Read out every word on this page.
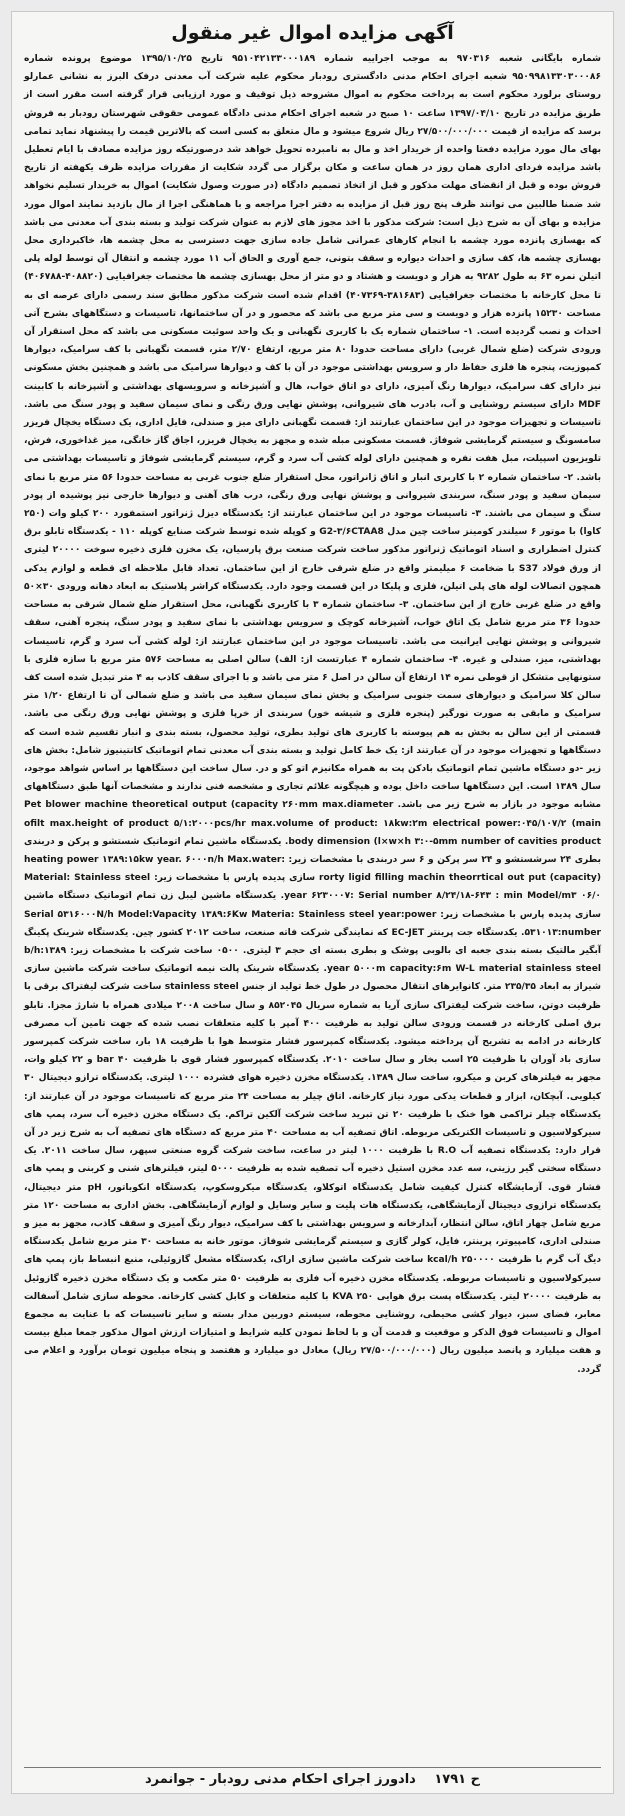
آگهی مزایده اموال غیر منقول
شماره بایگانی شعبه ۹۷۰۳۱۶ به موجب اجراییه شماره ۹۵۱۰۴۲۱۳۳۰۰۰۱۸۹ تاریخ ۱۳۹۵/۱۰/۲۵ موضوع پرونده شماره ۹۵۰۹۹۸۱۳۳۰۳۰۰۰۸۶ شعبه اجرای احکام مدنی دادگستری رودبار محکوم علیه شرکت آب معدنی درفک البرز به نشانی عمارلو روستای برلورد محکوم است به پرداخت محکوم به اموال مشروحه ذیل توقیف و مورد ارزیابی قرار گرفته است مقرر است از طریق مزایده در تاریخ ۱۳۹۷/۰۴/۱۰ ساعت ۱۰ صبح در شعبه اجرای احکام مدنی دادگاه عمومی حقوقی شهرستان رودبار به فروش برسد که مزایده از قیمت ۲۷/۵۰۰/۰۰۰/۰۰۰ ریال شروع میشود و مال متعلق به کسی است که بالاترین قیمت را پیشنهاد نماید تمامی بهای مال مورد مزایده دفعتا واحده از خریدار اخذ و مال به نامبرده تحویل خواهد شد درصورتیکه روز مزایده مصادف با ایام تعطیل باشد مزایده فردای اداری همان روز در همان ساعت و مکان برگزار می گردد شکایت از مقررات مزایده ظرف یکهفته از تاریخ فروش بوده و قبل از انقضای مهلت مذکور و قبل از اتخاذ تصمیم دادگاه (در صورت وصول شکایت) اموال به خریدار تسلیم نخواهد شد ضمنا طالبین می توانند ظرف پنج روز قبل از مزایده به دفتر اجرا مراجعه و با هماهنگی اجرا از مال بازدید نمایند اموال مورد مزایده و بهای آن به شرح ذیل است: شرکت مذکور با اخذ مجوز های لازم به عنوان شرکت تولید و بسته بندی آب معدنی می باشد که بهسازی پانزده مورد چشمه با انجام کارهای عمرانی شامل جاده سازی جهت دسترسی به محل چشمه ها، خاکبرداری محل بهسازی چشمه ها، کف سازی و احداث دیواره و سقف بتونی، جمع آوری و الحاق آب ۱۱ مورد چشمه و انتقال آن توسط لوله پلی اتیلن نمره ۶۳ به طول ۹۲۸۲ به هزار و دویست و هشتاد و دو متر از محل بهسازی چشمه ها مختصات جغرافیایی (۴۰۸۸۲۰-۴۰۶۷۸۸) تا محل کارخانه با مختصات جغرافیایی (۳۸۱۶۸۳-۴۰۷۳۶۹) اقدام شده است شرکت مذکور مطابق سند رسمی دارای عرصه ای به مساحت ۱۵۲۳۰ پانزده هزار و دویست و سی متر مربع می باشد که محصور و در آن ساختمانها، تاسیسات و دستگاههای بشرح آتی احداث و نصب گردیده است. ۱- ساختمان شماره یک با کاربری نگهبانی و یک واحد سوئیت مسکونی می باشد که محل استقرار آن ورودی شرکت (ضلع شمال غربی) دارای مساحت حدودا ۸۰ متر مربع، ارتفاع ۲/۷۰ متر، قسمت نگهبانی با کف سرامیک، دیوارها کمپوزیت، پنجره ها فلزی حفاظ دار و سرویس بهداشتی موجود در آن با کف و دیوارها سرامیک می باشد و همچنین بخش مسکونی نیز دارای کف سرامیک، دیوارها رنگ آمیزی، دارای دو اتاق خواب، هال و آشپزخانه و سرویسهای بهداشتی و آشپزخانه با کابینت MDF دارای سیستم روشنایی و آب، بادرب های شیروانی، پوشش نهایی ورق رنگی و نمای سیمان سفید و پودر سنگ می باشد. تاسیسات و تجهیزات موجود در این ساختمان عبارتند از: قسمت نگهبانی دارای میز و صندلی، فایل اداری، یک دستگاه یخچال فریزر سامسونگ و سیستم گرمایشی شوفاژ. قسمت مسکونی مبله شده و مجهز به یخچال فریزر، اجاق گاز خانگی، میز غذاخوری، فرش، تلویزیون اسپیلت، مبل هفت نفره و همچنین دارای لوله کشی آب سرد و گرم، سیستم گرمایشی شوفاژ و تاسیسات بهداشتی می باشد. ۲- ساختمان شماره ۲ با کاربری انبار و اتاق ژانراتور، محل استقرار ضلع جنوب غربی به مساحت حدودا ۵۶ متر مربع با نمای سیمان سفید و پودر سنگ، سربندی شیروانی و پوشش نهایی ورق رنگی، درب های آهنی و دیوارها خارجی نیز پوشیده از پودر سنگ و سیمان می باشند. ۳- تاسیسات موجود در این ساختمان عبارتند از: یکدستگاه دیزل ژنراتور استمفورد ۲۰۰ کیلو وات (۲۵۰ کاوا) با موتور ۶ سیلندر کومینز ساخت چین مدل G2-۳/۶CTAA8 و کوپله شده توسط شرکت صنایع کوپله ۱۱۰ - یکدستگاه تابلو برق کنترل اضطراری و اسناد اتوماتیک ژنراتور مذکور ساخت شرکت صنعت برق پارسیان، یک مخزن فلزی ذخیره سوخت ۲۰۰۰۰ لیتری از ورق فولاد S37 با ضخامت ۶ میلیمتر واقع در ضلع شرقی خارج از این ساختمان. تعداد قابل ملاحظه ای قطعه و لوازم یدکی همچون اتصالات لوله های پلی اتیلن، فلزی و پلیکا در این قسمت وجود دارد. یکدستگاه کراشر پلاستیک به ابعاد دهانه ورودی ۳۰×۵۰ واقع در ضلع غربی خارج از این ساختمان. ۳- ساختمان شماره ۳ با کاربری نگهبانی، محل استقرار ضلع شمال شرقی به مساحت حدودا ۳۶ متر مربع شامل یک اتاق خواب، آشپزخانه کوچک و سرویس بهداشتی با نمای سفید و پودر سنگ، پنجره آهنی، سقف شیروانی و پوشش نهایی ایرانیت می باشد. تاسیسات موجود در این ساختمان عبارتند از: لوله کشی آب سرد و گرم، تاسیسات بهداشتی، میز، صندلی و غیره. ۴- ساختمان شماره ۴ عبارتست از: الف) سالن اصلی به مساحت ۵۷۶ متر مربع با سازه فلزی با ستونهایی متشکل از قوطی نمره ۱۴ ارتفاع آن سالن در اصل ۶ متر می باشد و با اجرای سقف کاذب به ۴ متر تبدیل شده است کف سالن کلا سرامیک و دیوارهای سمت جنوبی سرامیک و بخش نمای سیمان سفید می باشد و ضلع شمالی آن تا ارتفاع ۱/۲۰ متر سرامیک و مابقی به صورت نورگیر (پنجره فلزی و شیشه خور) سربندی از خرپا فلزی و پوشش نهایی ورق رنگی می باشد. قسمتی از این سالن به بخش به هم پیوسته با کاربری های تولید بطری، تولید محصول، بسته بندی و انبار تقسیم شده است که دستگاهها و تجهیزات موجود در آن عبارتند از: یک خط کامل تولید و بسته بندی آب معدنی تمام اتوماتیک کانتینیوز شامل: بخش های زیر -دو دستگاه ماشین تمام اتوماتیک بادکن پت به همراه مکانیزم اتو کو و در. سال ساخت این دستگاهها بر اساس شواهد موجود، سال ۱۳۸۹ است. این دستگاهها ساخت داخل بوده و هیچگونه علائم تجاری و مشخصه فنی ندارند و مشخصات آنها طبق دستگاههای مشابه موجود در بازار به شرح زیر می باشد. Pet blower machine theoretical output (capacity ۲۶۰mm max.diameter ofilt max.height of product ۵/۱:۲۰۰۰pcs/hr max.volume of product: ۱۸kw:۲m electrical power:۰۴۵/۱۰۷/۲ (main body dimension (l×w×h ۳:۰-۵mm number of cavities product. یکدستگاه ماشین تمام اتوماتیک شستشو و پرکن و دربندی بطری ۲۴ سرشستشو و ۲۴ سر پرکن و ۶ سر دربندی با مشخصات زیر: heating power ۱۳۸۹:۱۵kw year. ۶۰۰۰n/h Max.water: rorty ligid filling machin theorrtical out put (capacity) سازی پدیده پارس با مشخصات زیر: Material: Stainless steel year ۶۲۳۰۰۰۷: Serial number ۸/۲۴/۱۸-۶۴۳ : min Model/m۳ ۰۶/۰. یکدستگاه ماشین لیبل زن تمام اتوماتیک دستگاه ماشین سازی پدیده پارس با مشخصات زیر: Serial ۵۳۱۶۰۰۰N/h Model:Vapacity ۱۳۸۹:۶Kw Materia: Stainless steel year:power ۵۳۱۰۱۳:number. یکدستگاه جت پرینتر EC-JET که نمایندگی شرکت فاته صنعت، ساخت ۲۰۱۲ کشور چین. یکدستگاه شرینک پکینگ آبگیر مالتیک بسته بندی جعبه ای بالوبی پوشک و بطری بسته ای حجم ۳ لیتری. ۰۵۰۰ ساخت شرکت با مشخصات زیر: ۱۳۸۹:b/h year ۵۰۰۰m capacity:۶m W-L material stainless steel. یکدستگاه شرینک پالت نیمه اتوماتیک ساخت شرکت ماشین سازی شیراز به ابعاد ۲۳۵/۳۵ متر. کانوایرهای انتقال محصول در طول خط تولید از جنس stainless steel ساخت شرکت لیفتراک برقی با ظرفیت دوتن، ساخت شرکت لیفتراک سازی آریا به شماره سریال ۸۵۲۰۴۵ و سال ساخت ۲۰۰۸ میلادی همراه با شارژ مجزا. تابلو برق اصلی کارخانه در قسمت ورودی سالن تولید به ظرفیت ۴۰۰ آمپر با کلیه متعلقات نصب شده که جهت تامین آب مصرفی کارخانه در ادامه به تشریح آن پرداخته میشود. یکدستگاه کمپرسور فشار متوسط هوا با ظرفیت ۱۸ بار، ساخت شرکت کمپرسور سازی باد آوران با ظرفیت ۲۵ اسب بخار و سال ساخت ۲۰۱۰. یکدستگاه کمپرسور فشار قوی با ظرفیت ۴۰ bar و ۲۲ کیلو وات، مجهز به فیلترهای کربن و میکرو، ساخت سال ۱۳۸۹. یکدستگاه مخزن ذخیره هوای فشرده ۱۰۰۰ لیتری. یکدستگاه ترازو دیجیتال ۳۰ کیلویی. آبچکان، ابزار و قطعات یدکی مورد نیاز کارخانه. اتاق چیلر به مساحت ۲۴ متر مربع که تاسیسات موجود در آن عبارتند از: یکدستگاه چیلر تراکمی هوا خنک با ظرفیت ۲۰ تن تبرید ساخت شرکت آلکین تراکم. یک دستگاه مخزن ذخیره آب سرد، پمپ های سیرکولاسیون و تاسیسات الکتریکی مربوطه. اتاق تصفیه آب به مساحت ۴۰ متر مربع که دستگاه های تصفیه آب به شرح زیر در آن قرار دارد: یکدستگاه تصفیه آب R.O با ظرفیت ۱۰۰۰ لیتر در ساعت، ساخت شرکت گروه صنعتی سپهر، سال ساخت ۲۰۱۱. یک دستگاه سختی گیر رزینی، سه عدد مخزن استیل ذخیره آب تصفیه شده به ظرفیت ۵۰۰۰ لیتر، فیلترهای شنی و کربنی و پمپ های فشار قوی. آزمایشگاه کنترل کیفیت شامل یکدستگاه اتوکلاو، یکدستگاه میکروسکوپ، یکدستگاه انکوباتور، pH متر دیجیتال، یکدستگاه ترازوی دیجیتال آزمایشگاهی، یکدستگاه هات پلیت و سایر وسایل و لوازم آزمایشگاهی. بخش اداری به مساحت ۱۲۰ متر مربع شامل چهار اتاق، سالن انتظار، آبدارخانه و سرویس بهداشتی با کف سرامیک، دیوار رنگ آمیزی و سقف کاذب، مجهز به میز و صندلی اداری، کامپیوتر، پرینتر، فایل، کولر گازی و سیستم گرمایشی شوفاژ. موتور خانه به مساحت ۳۰ متر مربع شامل یکدستگاه دیگ آب گرم با ظرفیت ۲۵۰۰۰۰ kcal/h ساخت شرکت ماشین سازی اراک، یکدستگاه مشعل گازوئیلی، منبع انبساط باز، پمپ های سیرکولاسیون و تاسیسات مربوطه. یکدستگاه مخزن ذخیره آب فلزی به ظرفیت ۵۰ متر مکعب و یک دستگاه مخزن ذخیره گازوئیل به ظرفیت ۲۰۰۰۰ لیتر. یکدستگاه پست برق هوایی ۲۵۰ KVA با کلیه متعلقات و کابل کشی کارخانه. محوطه سازی شامل آسفالت معابر، فضای سبز، دیوار کشی محیطی، روشنایی محوطه، سیستم دوربین مدار بسته و سایر تاسیسات که با عنایت به مجموع اموال و تاسیسات فوق الذکر و موقعیت و قدمت آن و با لحاظ نمودن کلیه شرایط و امتیازات ارزش اموال مذکور جمعا مبلغ بیست و هفت میلیارد و پانصد میلیون ریال (۲۷/۵۰۰/۰۰۰/۰۰۰ ریال) معادل دو میلیارد و هفتصد و پنجاه میلیون تومان برآورد و اعلام می گردد.
ح ۱۷۹۱ دادورز اجرای احکام مدنی رودبار - جوانمرد
